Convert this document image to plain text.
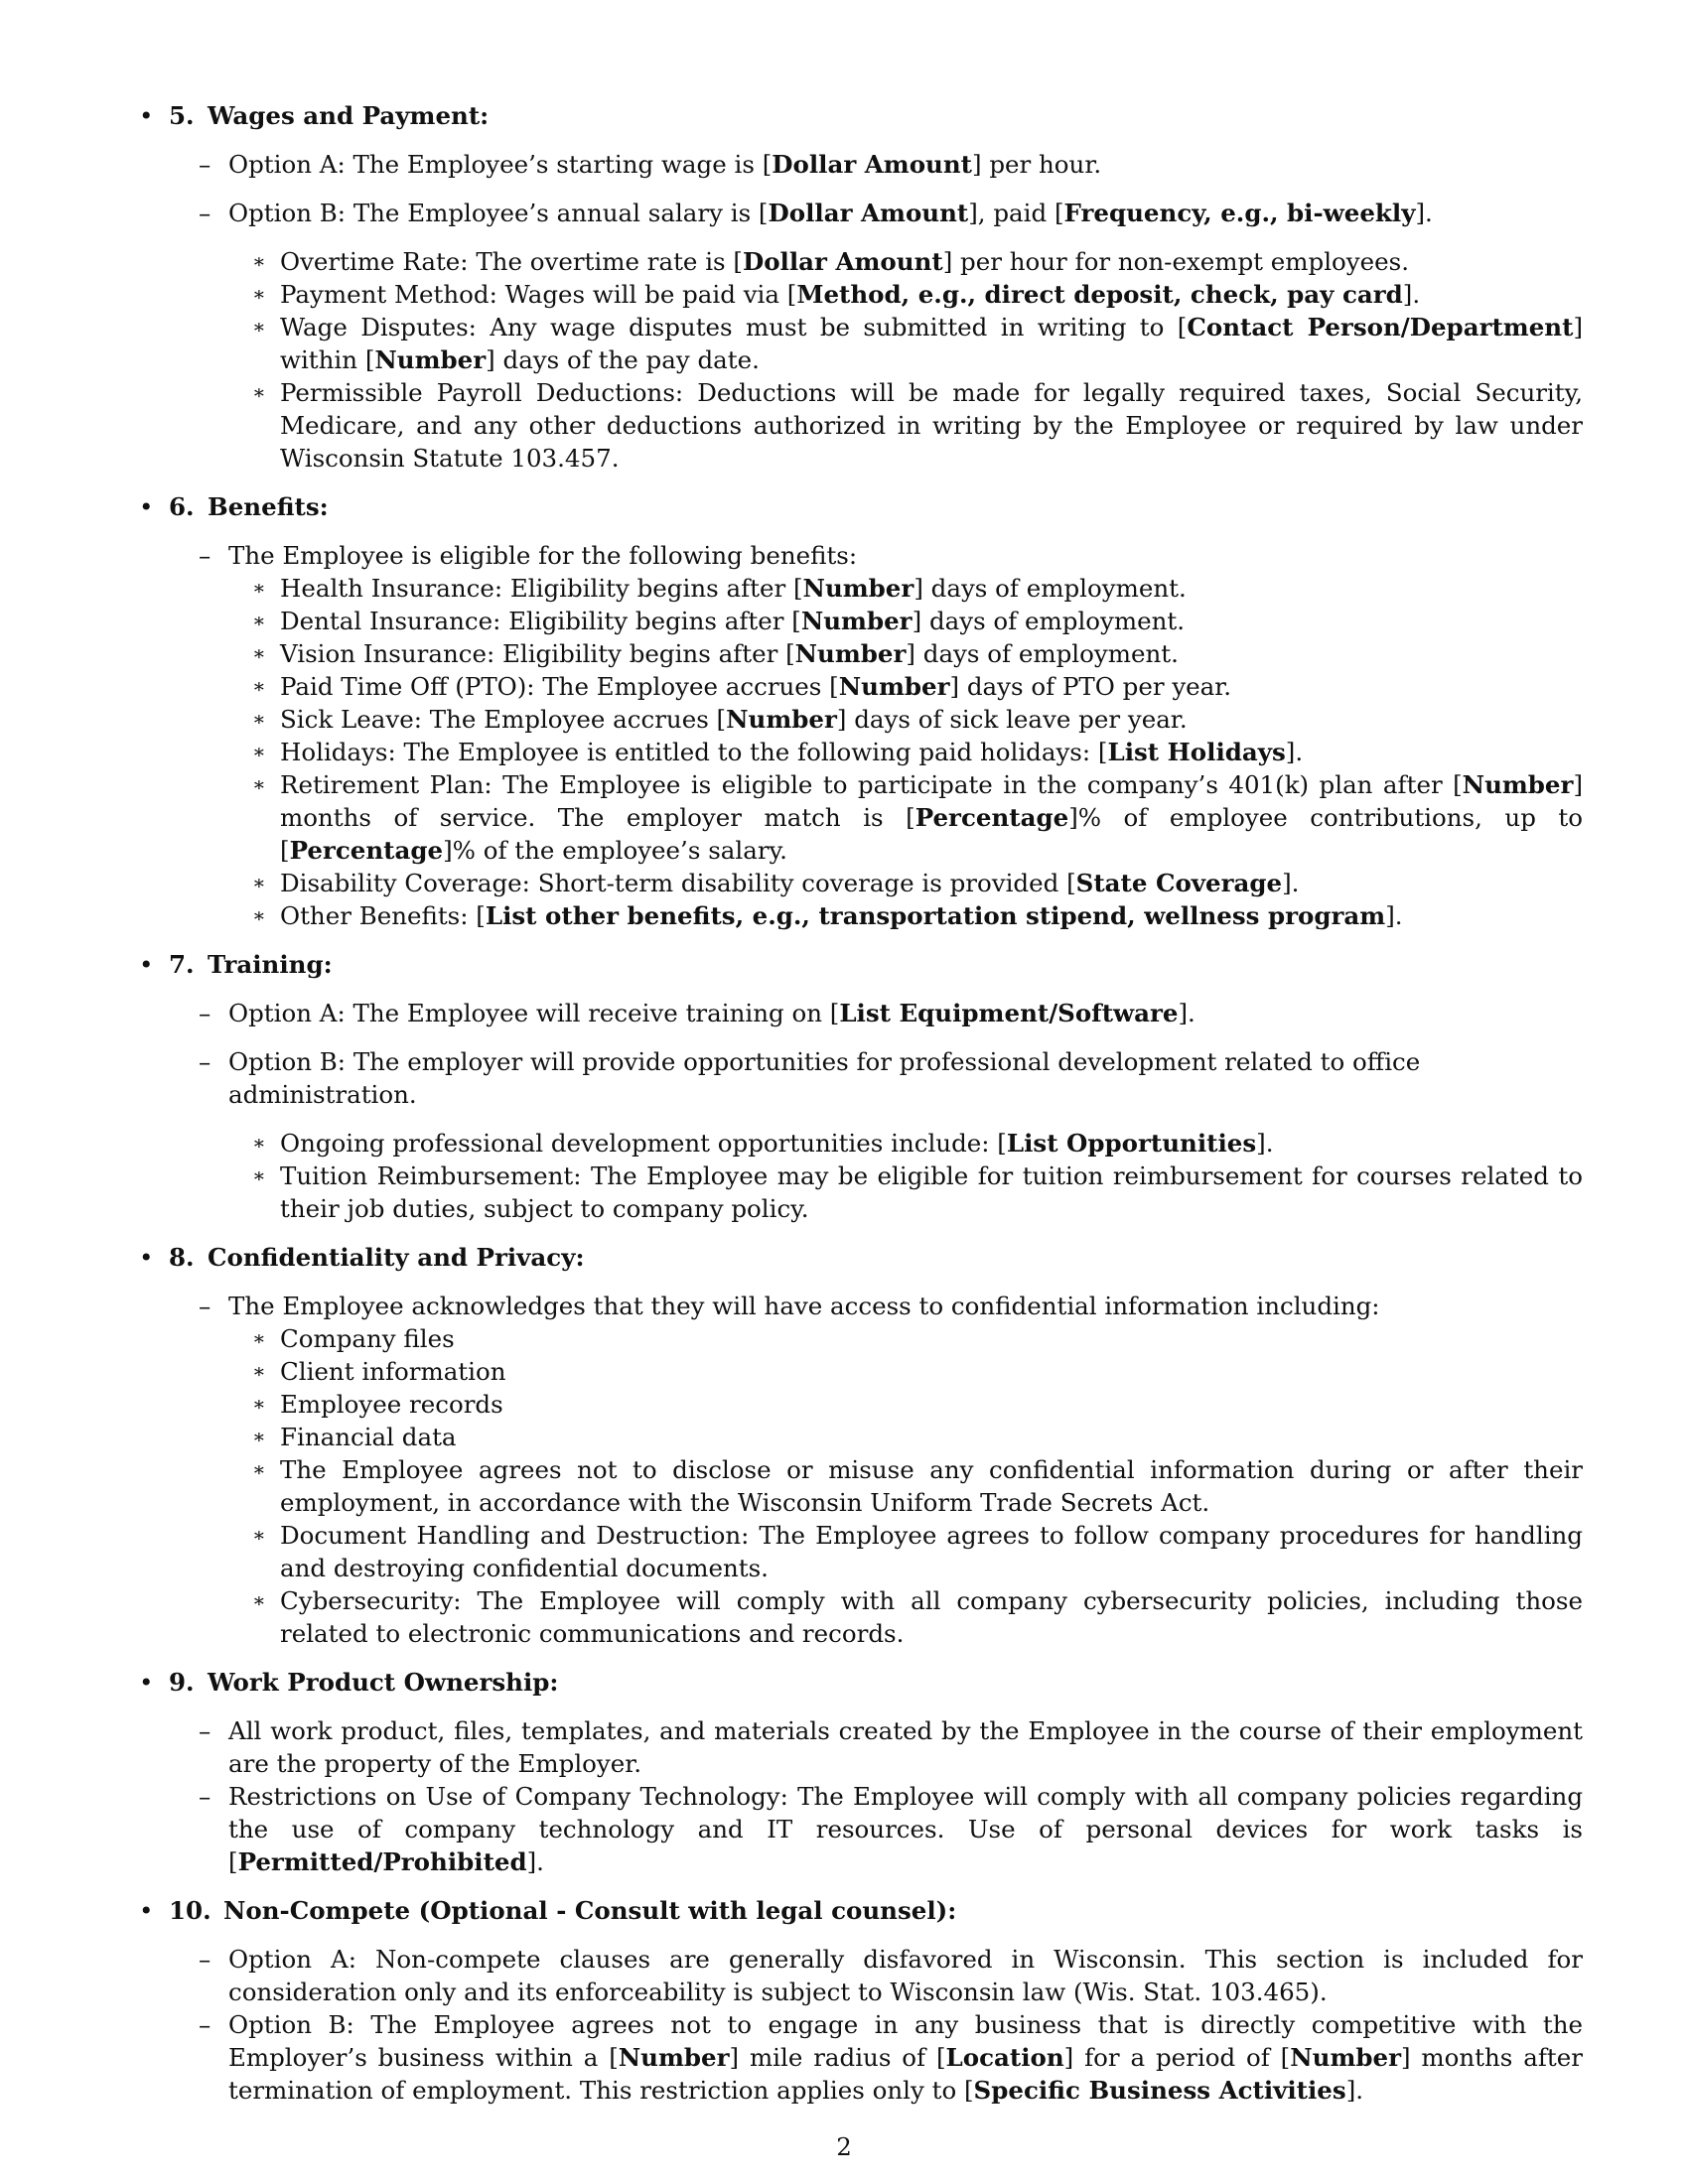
• 5. Wages and Payment:
– Option A: The Employee’s starting wage is [Dollar Amount] per hour.

– Option B: The Employee’s annual salary is [Dollar Amount], paid [Frequency, e.g., bi-weekly].

∗ Overtime Rate: The overtime rate is [Dollar Amount] per hour for non-exempt employees.

∗ Payment Method: Wages will be paid via [Method, e.g., direct deposit, check, pay card].

∗ Wage Disputes: Any wage disputes must be submitted in writing to [Contact Person/Department] within [Number] days of the pay date.

∗ Permissible Payroll Deductions: Deductions will be made for legally required taxes, Social Security, Medicare, and any other deductions authorized in writing by the Employee or required by law under Wisconsin Statute 103.457.

• 6. Benefits:
– The Employee is eligible for the following benefits:

∗ Health Insurance: Eligibility begins after [Number] days of employment.

∗ Dental Insurance: Eligibility begins after [Number] days of employment.

∗ Vision Insurance: Eligibility begins after [Number] days of employment.

∗ Paid Time Off (PTO): The Employee accrues [Number] days of PTO per year.

∗ Sick Leave: The Employee accrues [Number] days of sick leave per year.

∗ Holidays: The Employee is entitled to the following paid holidays: [List Holidays].

∗ Retirement Plan: The Employee is eligible to participate in the company’s 401(k) plan after [Number] months of service. The employer match is [Percentage]% of employee contributions, up to [Percentage]% of the employee’s salary.

∗ Disability Coverage: Short-term disability coverage is provided [State Coverage].

∗ Other Benefits: [List other benefits, e.g., transportation stipend, wellness program].

• 7. Training:
– Option A: The Employee will receive training on [List Equipment/Software].

– Option B: The employer will provide opportunities for professional development related to office administration.

∗ Ongoing professional development opportunities include: [List Opportunities].

∗ Tuition Reimbursement: The Employee may be eligible for tuition reimbursement for courses related to their job duties, subject to company policy.

• 8. Confidentiality and Privacy:
– The Employee acknowledges that they will have access to confidential information including:

∗ Company files

∗ Client information

∗ Employee records

∗ Financial data

∗ The Employee agrees not to disclose or misuse any confidential information during or after their employment, in accordance with the Wisconsin Uniform Trade Secrets Act.

∗ Document Handling and Destruction: The Employee agrees to follow company procedures for handling and destroying confidential documents.

∗ Cybersecurity: The Employee will comply with all company cybersecurity policies, including those related to electronic communications and records.

• 9. Work Product Ownership:
– All work product, files, templates, and materials created by the Employee in the course of their employment are the property of the Employer.

– Restrictions on Use of Company Technology: The Employee will comply with all company policies regarding the use of company technology and IT resources. Use of personal devices for work tasks is [Permitted/Prohibited].

• 10. Non-Compete (Optional - Consult with legal counsel):
– Option A: Non-compete clauses are generally disfavored in Wisconsin. This section is included for consideration only and its enforceability is subject to Wisconsin law (Wis. Stat. 103.465).

– Option B: The Employee agrees not to engage in any business that is directly competitive with the Employer’s business within a [Number] mile radius of [Location] for a period of [Number] months after termination of employment. This restriction applies only to [Specific Business Activities].

2
